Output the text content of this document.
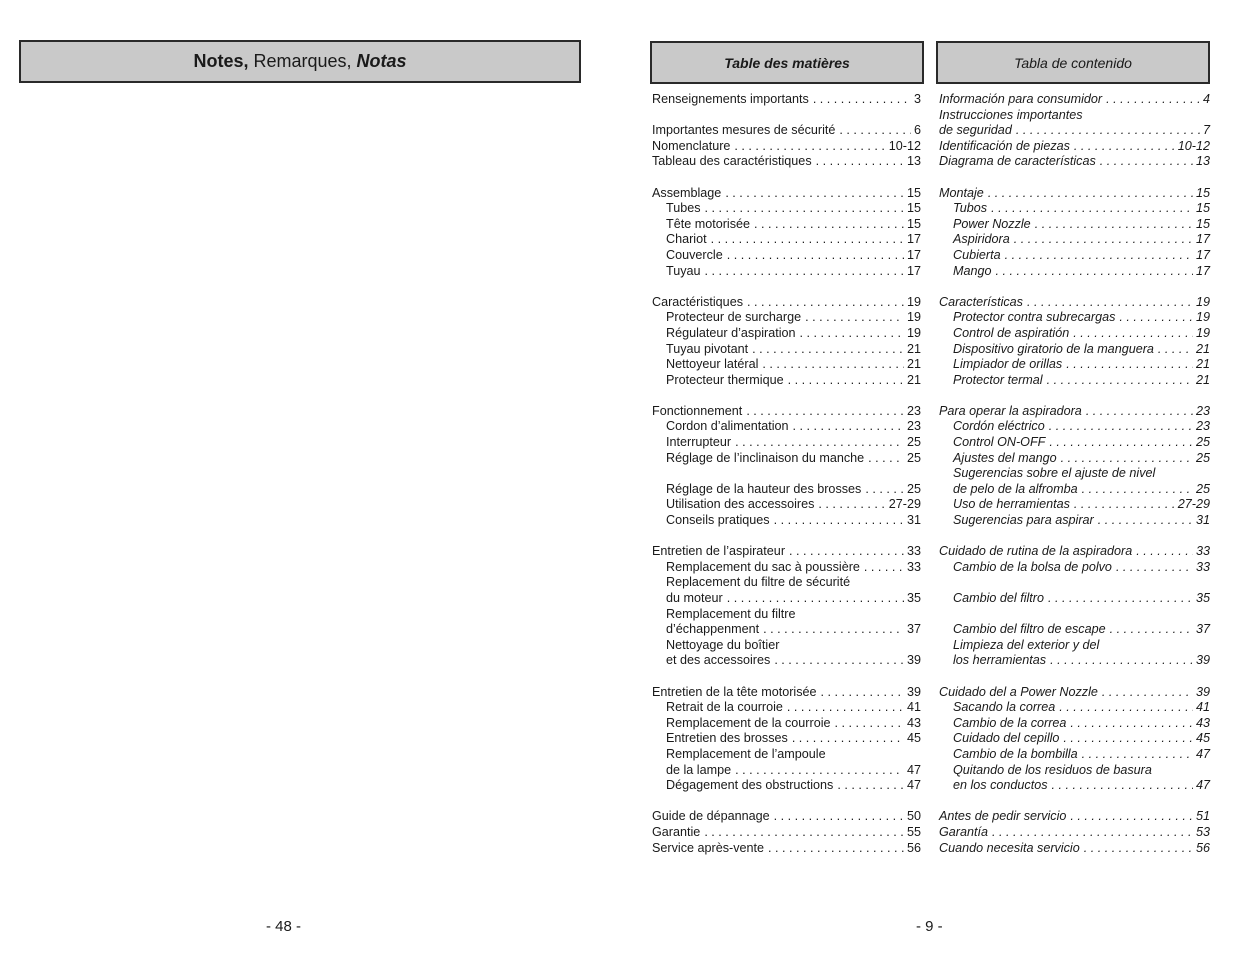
Notes, Remarques, Notas	Table des matières	Tabla de contenido
Renseignements importants . . .	3
Importantes mesures de sécurité . . .	6
Nomenclature . . .	10-12
Tableau des caractéristiques . . .	13
Assemblage . . .	15
Tubes . . .	15
Tête motorisée . . .	15
Chariot . . .	17
Couvercle . . .	17
Tuyau . . .	17
Caractéristiques . . .	19
Protecteur de surcharge . . .	19
Régulateur d’aspiration . . .	19
Tuyau pivotant . . .	21
Nettoyeur latéral . . .	21
Protecteur thermique . . .	21
Fonctionnement . . .	23
Cordon d’alimentation . . .	23
Interrupteur . . .	25
Réglage de l’inclinaison du manche . . .	25
Réglage de la hauteur des brosses . . .	25
Utilisation des accessoires . . .	27-29
Conseils pratiques . . .	31
Entretien de l’aspirateur . . .	33
Remplacement du sac à poussière . . .	33
Replacement du filtre de sécurité
du moteur . . .	35
Remplacement du filtre
d’échappenment . . .	37
Nettoyage du boîtier
et des accessoires . . .	39
Entretien de la tête motorisée . . .	39
Retrait de la courroie . . .	41
Remplacement de la courroie . . .	43
Entretien des brosses . . .	45
Remplacement de l’ampoule
de la lampe . . .	47
Dégagement des obstructions . . .	47
Guide de dépannage . . .	50
Garantie . . .	55
Service après-vente . . .	56
Información para consumidor . . .	4
Instrucciones importantes
de seguridad . . .	7
Identificación de piezas . . .	10-12
Diagrama de características . . .	13
Montaje . . .	15
Tubos . . .	15
Power Nozzle . . .	15
Aspiridora . . .	17
Cubierta . . .	17
Mango . . .	17
Características . . .	19
Protector contra subrecargas . . .	19
Control de aspiratión . . .	19
Dispositivo giratorio de la manguera . . .	21
Limpiador de orillas . . .	21
Protector termal . . .	21
Para operar la aspiradora . . .	23
Cordón eléctrico . . .	23
Control ON-OFF . . .	25
Ajustes del mango . . .	25
Sugerencias sobre el ajuste de nivel
de pelo de la alfromba . . .	25
Uso de herramientas . . .	27-29
Sugerencias para aspirar . . .	31
Cuidado de rutina de la aspiradora . . .	33
Cambio de la bolsa de polvo . . .	33
Cambio del filtro . . .	35
Cambio del filtro de escape . . .	37
Limpieza del exterior y del
los herramientas . . .	39
Cuidado del a Power Nozzle . . .	39
Sacando la correa . . .	41
Cambio de la correa . . .	43
Cuidado del cepillo . . .	45
Cambio de la bombilla . . .	47
Quitando de los residuos de basura
en los conductos . . .	47
Antes de pedir servicio . . .	51
Garantía . . .	53
Cuando necesita servicio . . .	56
- 48 -	- 9 -
